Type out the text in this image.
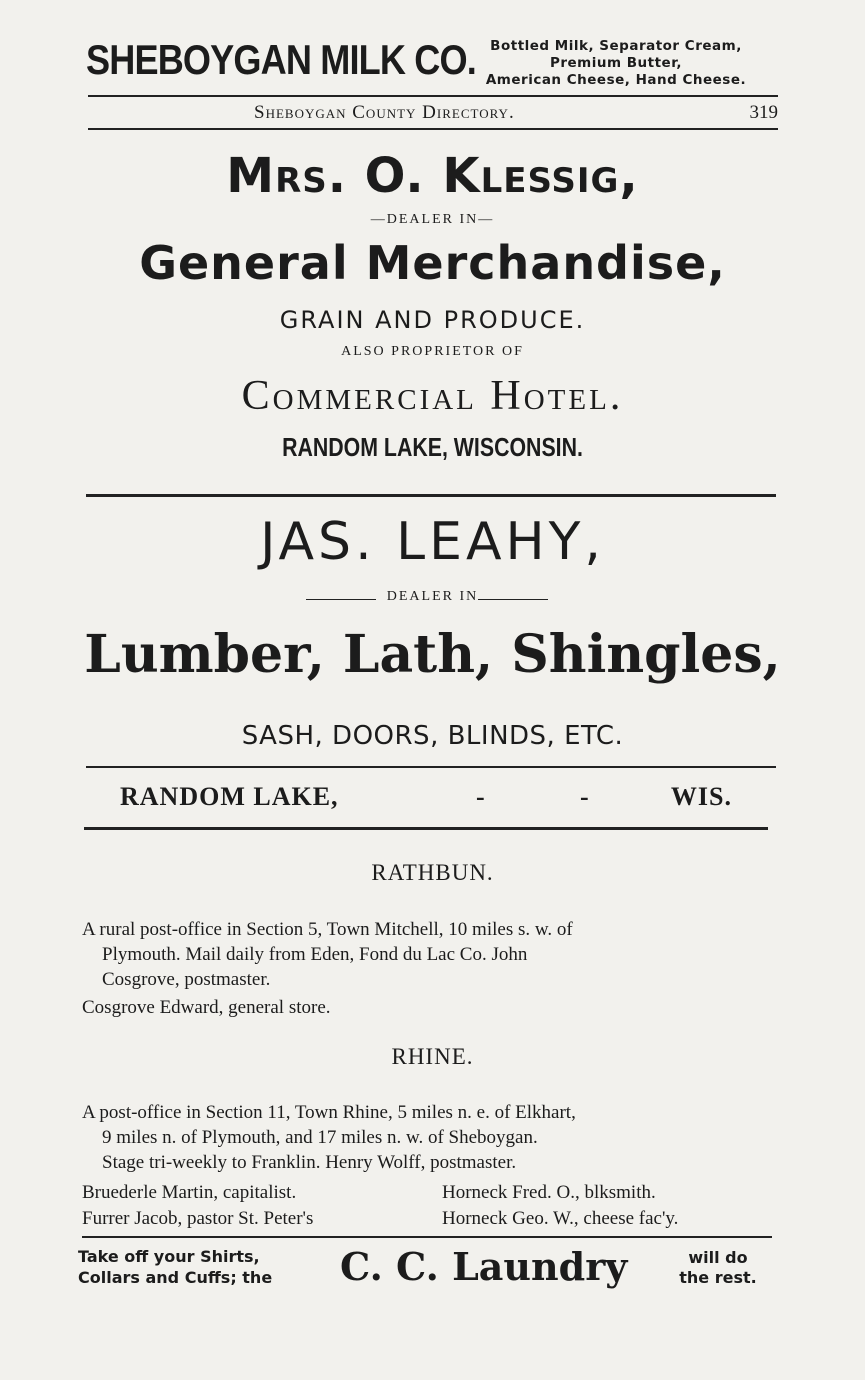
SHEBOYGAN MILK CO.	Bottled Milk, Separator Cream,
Premium Butter,
American Cheese, Hand Cheese.
Sheboygan County Directory.	319
Mrs. O. Klessig,
—DEALER IN—
General Merchandise,
GRAIN AND PRODUCE.
ALSO PROPRIETOR OF
Commercial Hotel.
RANDOM LAKE, WISCONSIN.
JAS. LEAHY,
DEALER IN
Lumber, Lath, Shingles,
SASH, DOORS, BLINDS, ETC.
RANDOM LAKE,	-	-	WIS.
RATHBUN.
A rural post-office in Section 5, Town Mitchell, 10 miles s. w. of
Plymouth. Mail daily from Eden, Fond du Lac Co. John
Cosgrove, postmaster.
Cosgrove Edward, general store.
RHINE.
A post-office in Section 11, Town Rhine, 5 miles n. e. of Elkhart,
9 miles n. of Plymouth, and 17 miles n. w. of Sheboygan.
Stage tri-weekly to Franklin. Henry Wolff, postmaster.
Bruederle Martin, capitalist.	Horneck Fred. O., blksmith.
Furrer Jacob, pastor St. Peter's	Horneck Geo. W., cheese fac'y.
Take off your Shirts,
Collars and Cuffs; the C. C. Laundry	will do
the rest.
